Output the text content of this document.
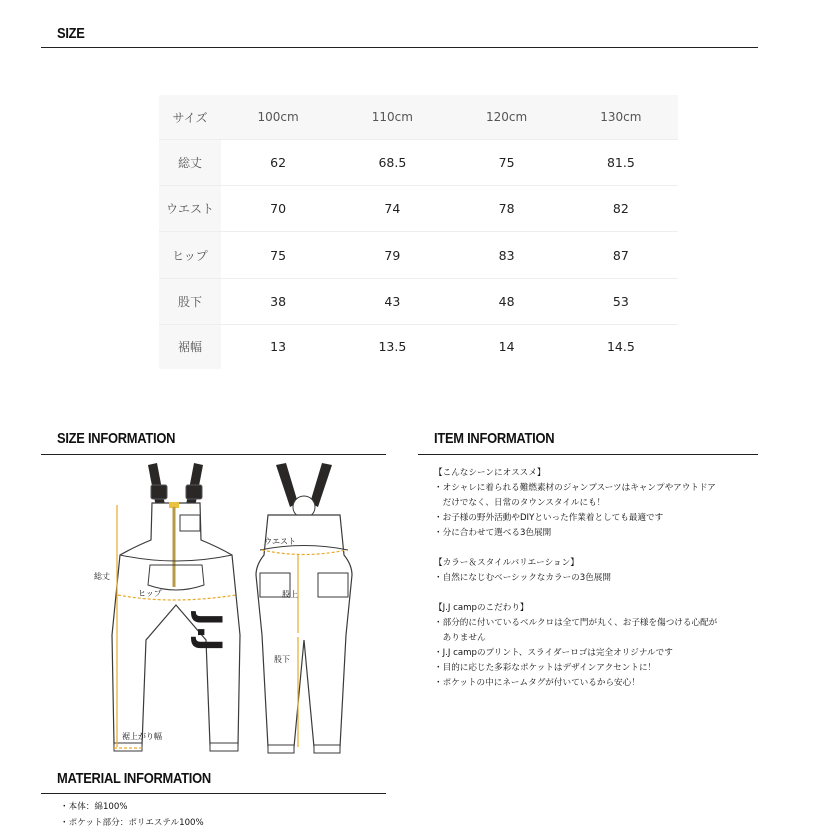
SIZE
サイズ	100cm	110cm	120cm	130cm
総丈	62	68.5	75	81.5
ウエスト	70	74	78	82
ヒップ	75	79	83	87
股下	38	43	48	53
裾幅	13	13.5	14	14.5
SIZE INFORMATION	ITEM INFORMATION
J.J
総丈
ヒップ
裾上がり幅
ウエスト
股上
股下
【こんなシーンにオススメ】
・オシャレに着られる難燃素材のジャンプスーツはキャンプやアウトドア
　だけでなく、日常のタウンスタイルにも！
・お子様の野外活動やDIYといった作業着としても最適です
・分に合わせて選べる3色展開
【カラー＆スタイルバリエーション】
・自然になじむベーシックなカラーの3色展開
【J.J campのこだわり】
・部分的に付いているベルクロは全て門が丸く、お子様を傷つける心配が
　ありません
・J.J campのプリント、スライダーロゴは完全オリジナルです
・目的に応じた多彩なポケットはデザインアクセントに！
・ポケットの中にネームタグが付いているから安心！
MATERIAL INFORMATION
・本体：綿100%
・ポケット部分：ポリエステル100%
